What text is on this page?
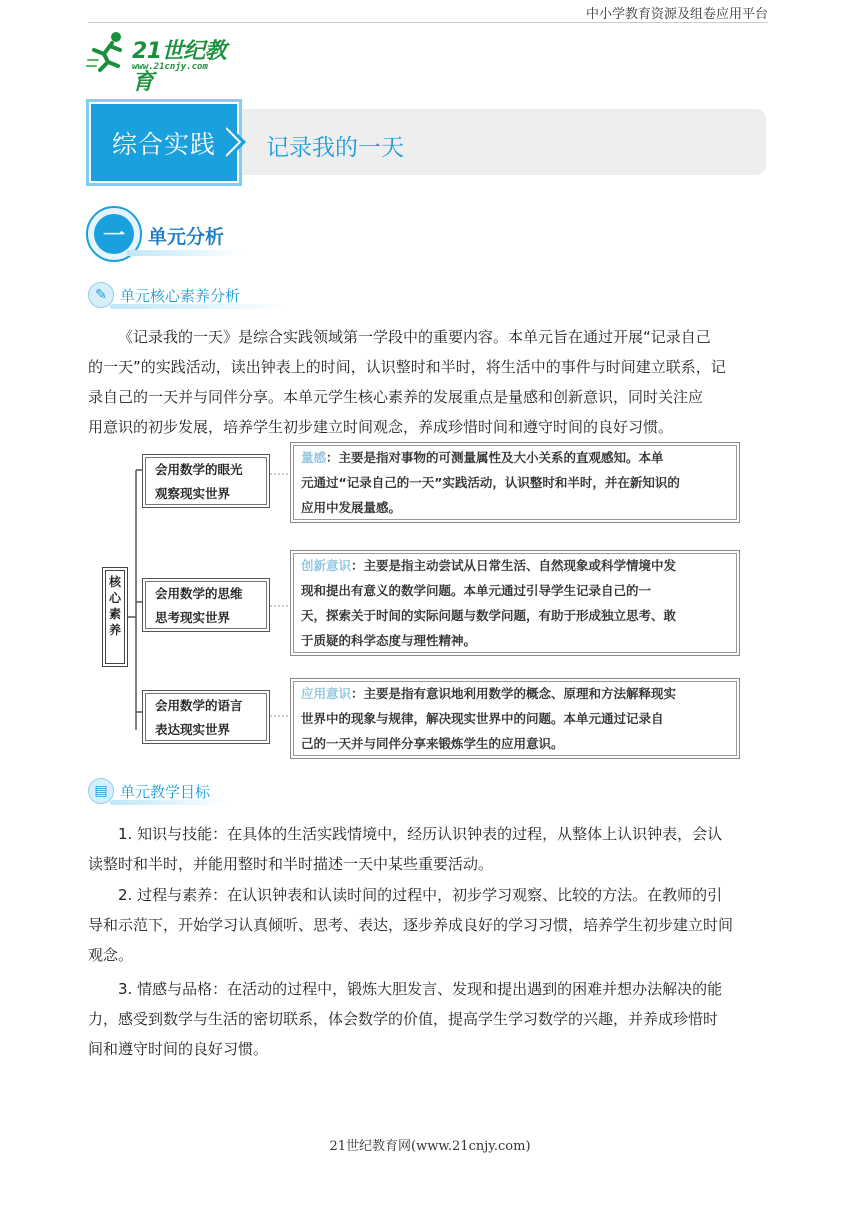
中小学教育资源及组卷应用平台
21世纪教育
www.21cnjy.com
综合实践 记录我的一天
一 单元分析
✎ 单元核心素养分析
《记录我的一天》是综合实践领域第一学段中的重要内容。本单元旨在通过开展“记录自己
的一天”的实践活动，读出钟表上的时间，认识整时和半时，将生活中的事件与时间建立联系，记
录自己的一天并与同伴分享。本单元学生核心素养的发展重点是量感和创新意识，同时关注应
用意识的初步发展，培养学生初步建立时间观念，养成珍惜时间和遵守时间的良好习惯。
核
心
素
养
会用数学的眼光
观察现实世界
会用数学的思维
思考现实世界
会用数学的语言
表达现实世界
量感：主要是指对事物的可测量属性及大小关系的直观感知。本单
元通过“记录自己的一天”实践活动，认识整时和半时，并在新知识的
应用中发展量感。
创新意识：主要是指主动尝试从日常生活、自然现象或科学情境中发
现和提出有意义的数学问题。本单元通过引导学生记录自己的一
天，探索关于时间的实际问题与数学问题，有助于形成独立思考、敢
于质疑的科学态度与理性精神。
应用意识：主要是指有意识地利用数学的概念、原理和方法解释现实
世界中的现象与规律，解决现实世界中的问题。本单元通过记录自
己的一天并与同伴分享来锻炼学生的应用意识。
▤ 单元教学目标
1. 知识与技能：在具体的生活实践情境中，经历认识钟表的过程，从整体上认识钟表，会认
读整时和半时，并能用整时和半时描述一天中某些重要活动。
2. 过程与素养：在认识钟表和认读时间的过程中，初步学习观察、比较的方法。在教师的引
导和示范下，开始学习认真倾听、思考、表达，逐步养成良好的学习习惯，培养学生初步建立时间
观念。
3. 情感与品格：在活动的过程中，锻炼大胆发言、发现和提出遇到的困难并想办法解决的能
力，感受到数学与生活的密切联系，体会数学的价值，提高学生学习数学的兴趣，并养成珍惜时
间和遵守时间的良好习惯。
21世纪教育网(www.21cnjy.com)
